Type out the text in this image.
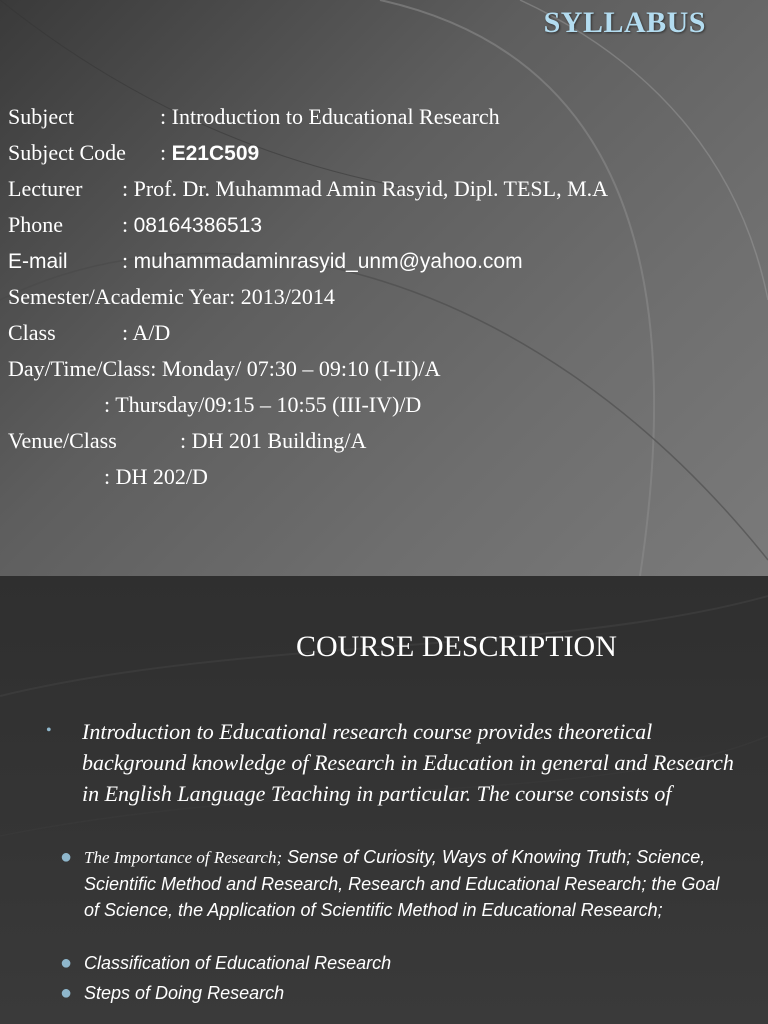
SYLLABUS
Subject	: Introduction to Educational Research
Subject Code : E21C509
Lecturer : Prof. Dr. Muhammad Amin Rasyid, Dipl. TESL, M.A
Phone	: 08164386513
E-mail : muhammadaminrasyid_unm@yahoo.com
Semester/Academic Year: 2013/2014
Class	: A/D
Day/Time/Class: Monday/ 07:30 – 09:10 (I-II)/A
: Thursday/09:15 – 10:55 (III-IV)/D
Venue/Class	: DH 201 Building/A
: DH 202/D
COURSE DESCRIPTION
• Introduction to Educational research course provides theoretical background knowledge of Research in Education in general and Research in English Language Teaching in particular. The course consists of
● The Importance of Research; Sense of Curiosity, Ways of Knowing Truth; Science, Scientific Method and Research, Research and Educational Research; the Goal of Science, the Application of Scientific Method in Educational Research;
● Classification of Educational Research
● Steps of Doing Research
